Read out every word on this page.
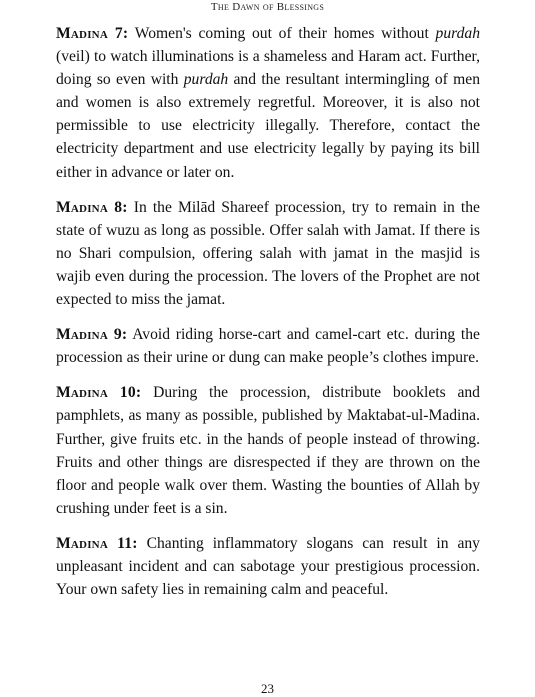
The Dawn of Blessings

Madina 7: Women's coming out of their homes without purdah (veil) to watch illuminations is a shameless and Haram act. Further, doing so even with purdah and the resultant intermingling of men and women is also extremely regretful. Moreover, it is also not permissible to use electricity illegally. Therefore, contact the electricity department and use electricity legally by paying its bill either in advance or later on.

Madina 8: In the Milād Shareef procession, try to remain in the state of wuzu as long as possible. Offer salah with Jamat. If there is no Shari compulsion, offering salah with jamat in the masjid is wajib even during the procession. The lovers of the Prophet are not expected to miss the jamat.

Madina 9: Avoid riding horse-cart and camel-cart etc. during the procession as their urine or dung can make people’s clothes impure.

Madina 10: During the procession, distribute booklets and pamphlets, as many as possible, published by Maktabat-ul-Madina. Further, give fruits etc. in the hands of people instead of throwing. Fruits and other things are disrespected if they are thrown on the floor and people walk over them. Wasting the bounties of Allah by crushing under feet is a sin.

Madina 11: Chanting inflammatory slogans can result in any unpleasant incident and can sabotage your prestigious procession. Your own safety lies in remaining calm and peaceful.

23
